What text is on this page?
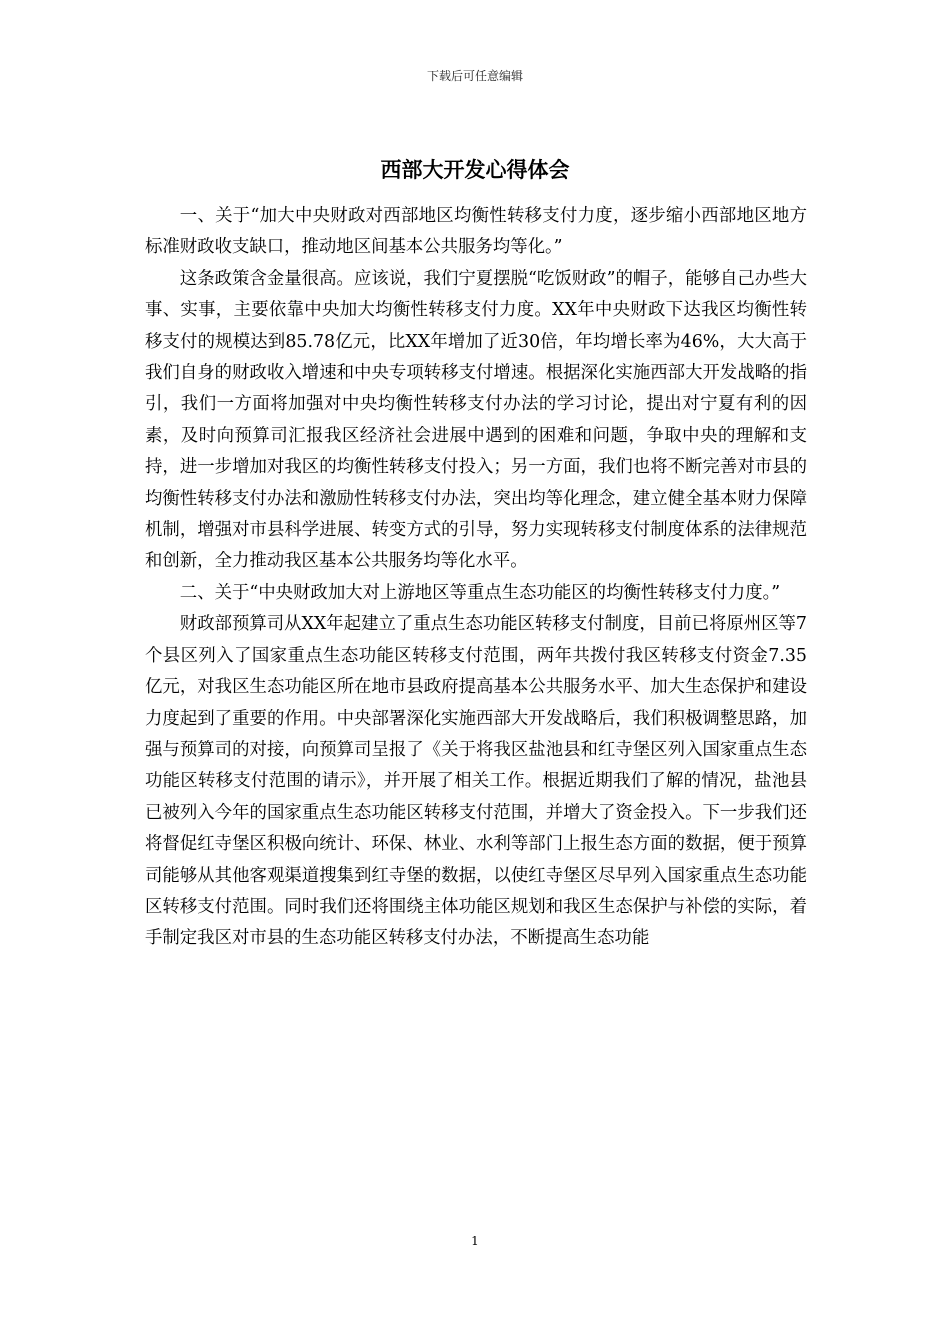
下载后可任意编辑
西部大开发心得体会

一、关于“加大中央财政对西部地区均衡性转移支付力度，逐步缩小西部地区地方标准财政收支缺口，推动地区间基本公共服务均等化。”

这条政策含金量很高。应该说，我们宁夏摆脱“吃饭财政”的帽子，能够自己办些大事、实事，主要依靠中央加大均衡性转移支付力度。XX年中央财政下达我区均衡性转移支付的规模达到85.78亿元，比XX年增加了近30倍，年均增长率为46%，大大高于我们自身的财政收入增速和中央专项转移支付增速。根据深化实施西部大开发战略的指引，我们一方面将加强对中央均衡性转移支付办法的学习讨论，提出对宁夏有利的因素，及时向预算司汇报我区经济社会进展中遇到的困难和问题，争取中央的理解和支持，进一步增加对我区的均衡性转移支付投入；另一方面，我们也将不断完善对市县的均衡性转移支付办法和激励性转移支付办法，突出均等化理念，建立健全基本财力保障机制，增强对市县科学进展、转变方式的引导，努力实现转移支付制度体系的法律规范和创新，全力推动我区基本公共服务均等化水平。

二、关于“中央财政加大对上游地区等重点生态功能区的均衡性转移支付力度。”

财政部预算司从XX年起建立了重点生态功能区转移支付制度，目前已将原州区等7个县区列入了国家重点生态功能区转移支付范围，两年共拨付我区转移支付资金7.35亿元，对我区生态功能区所在地市县政府提高基本公共服务水平、加大生态保护和建设力度起到了重要的作用。中央部署深化实施西部大开发战略后，我们积极调整思路，加强与预算司的对接，向预算司呈报了《关于将我区盐池县和红寺堡区列入国家重点生态功能区转移支付范围的请示》，并开展了相关工作。根据近期我们了解的情况，盐池县已被列入今年的国家重点生态功能区转移支付范围，并增大了资金投入。下一步我们还将督促红寺堡区积极向统计、环保、林业、水利等部门上报生态方面的数据，便于预算司能够从其他客观渠道搜集到红寺堡的数据，以使红寺堡区尽早列入国家重点生态功能区转移支付范围。同时我们还将围绕主体功能区规划和我区生态保护与补偿的实际，着手制定我区对市县的生态功能区转移支付办法，不断提高生态功能

1
